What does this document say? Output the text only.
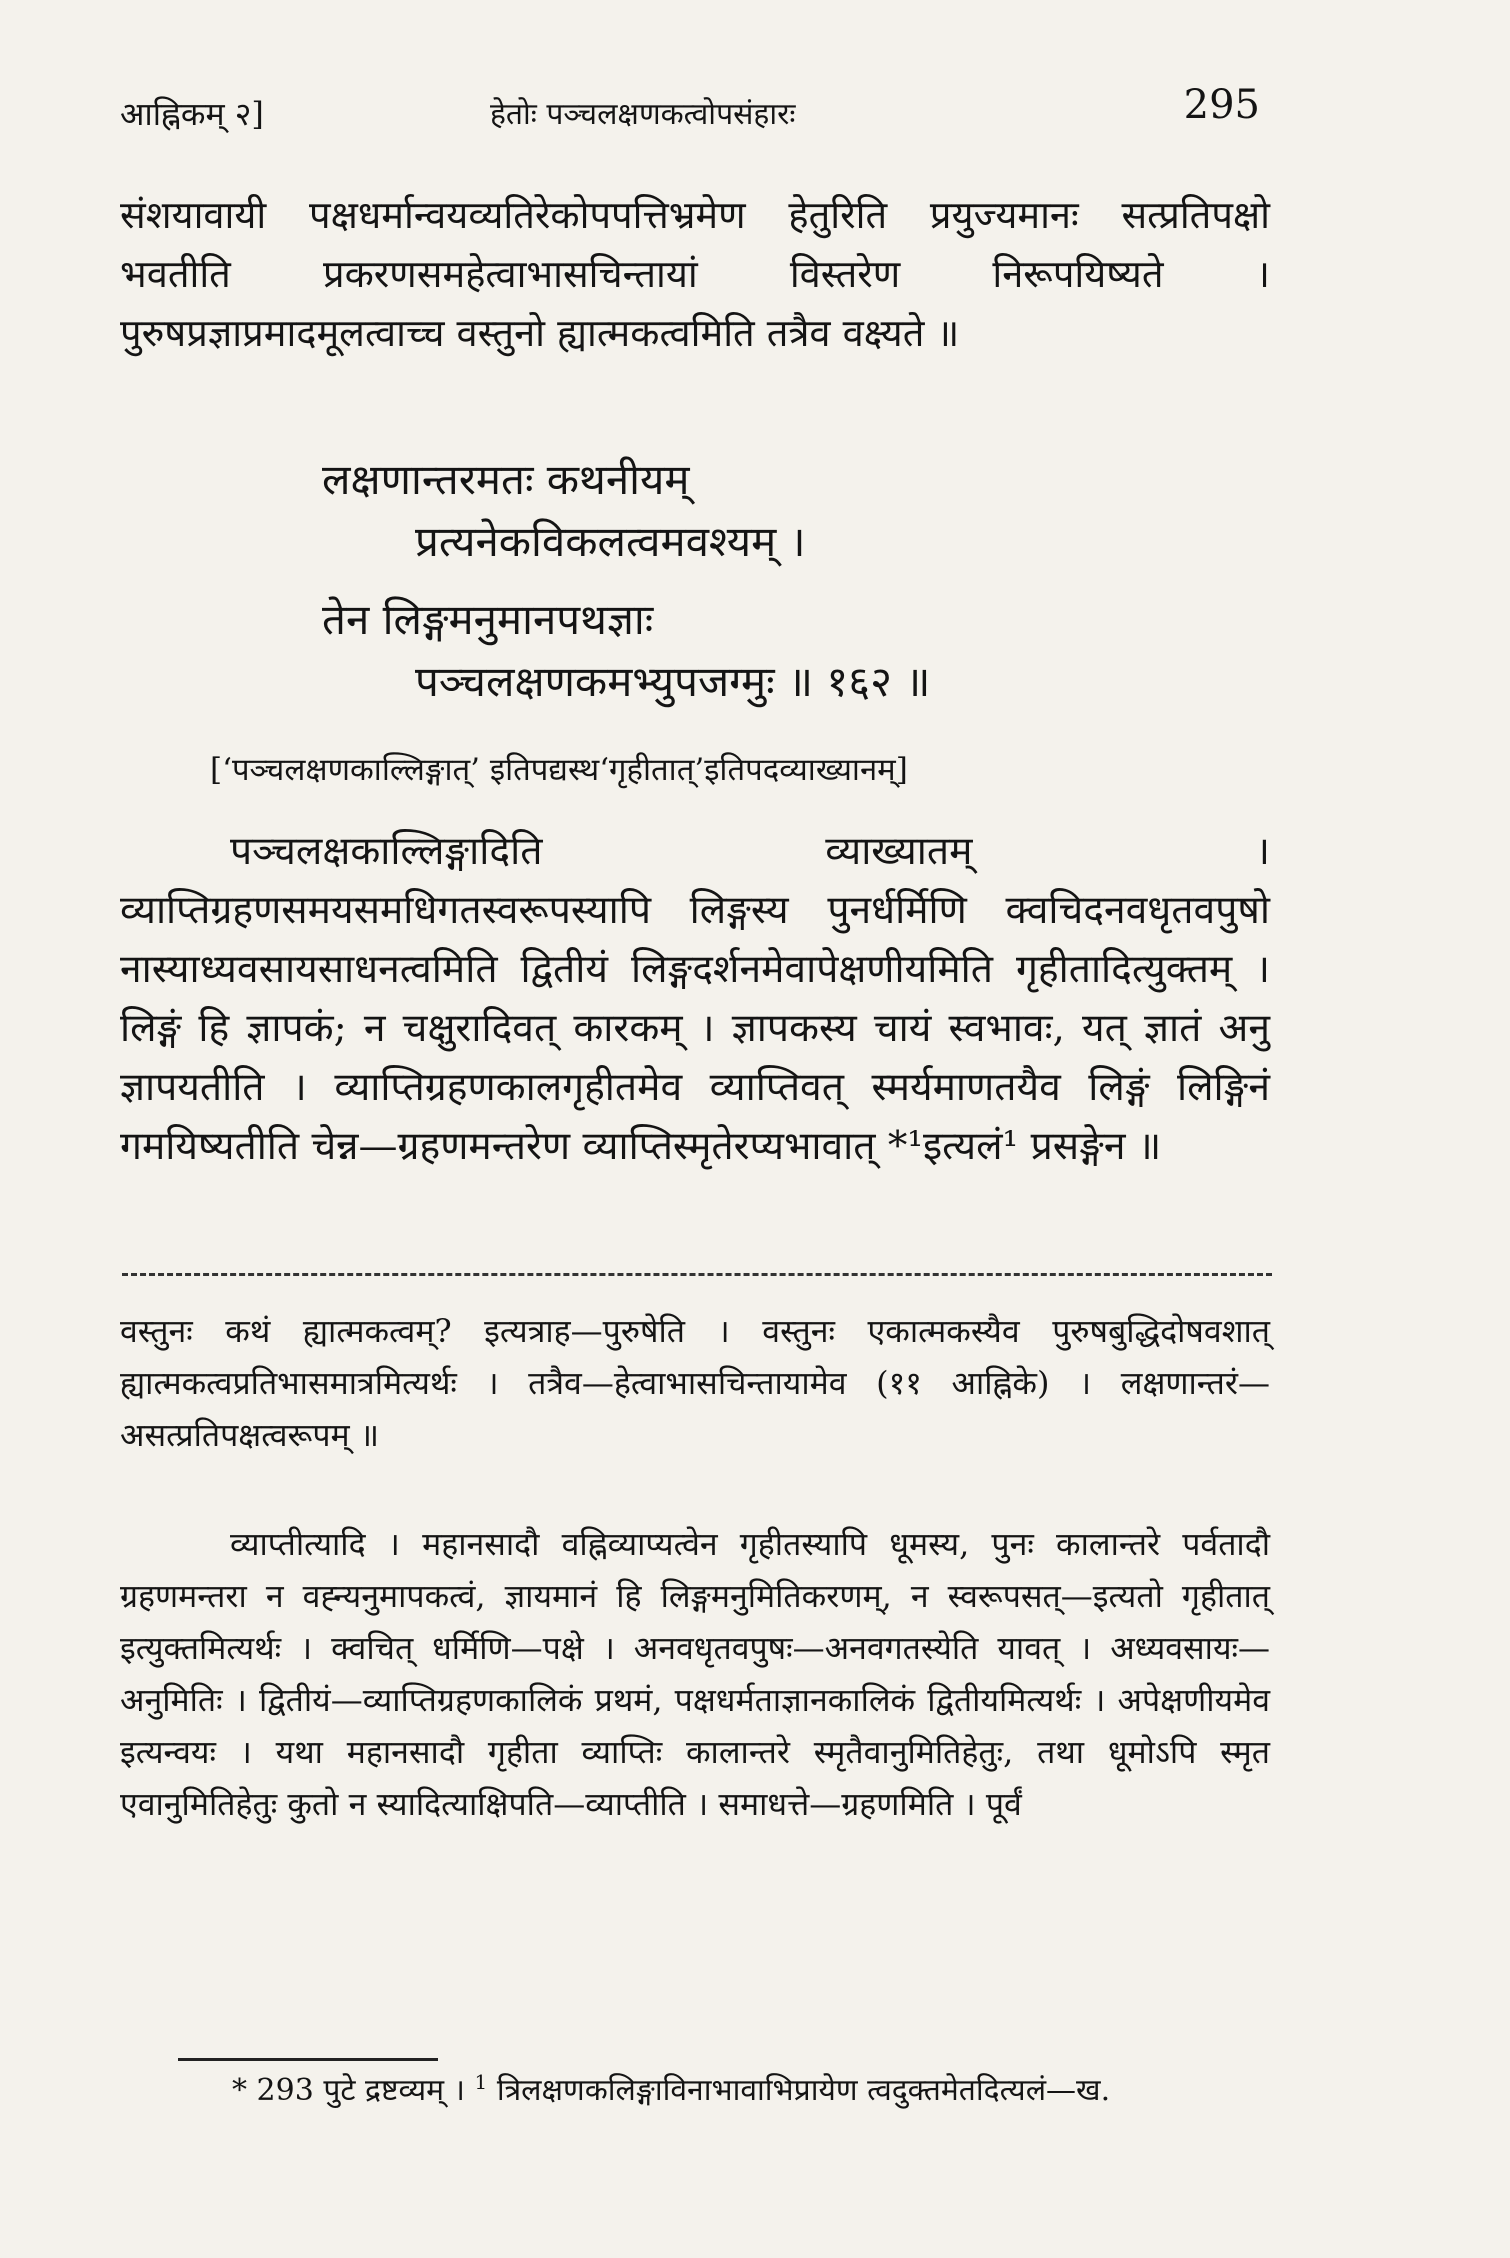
आह्निकम् २]	हेतोः पञ्चलक्षणकत्वोपसंहारः	295

संशयावायी पक्षधर्मान्वयव्यतिरेकोपपत्तिभ्रमेण हेतुरिति प्रयुज्यमानः सत्प्रतिपक्षो भवतीति प्रकरणसमहेत्वाभासचिन्तायां विस्तरेण निरूपयिष्यते । पुरुषप्रज्ञाप्रमादमूलत्वाच्च वस्तुनो ह्यात्मकत्वमिति तत्रैव वक्ष्यते ॥

लक्षणान्तरमतः कथनीयम्
प्रत्यनेकविकलत्वमवश्यम् ।
तेन लिङ्गमनुमानपथज्ञाः
पञ्चलक्षणकमभ्युपजग्मुः ॥ १६२ ॥
[‘पञ्चलक्षणकाल्लिङ्गात्’ इतिपद्यस्थ‘गृहीतात्’इतिपदव्याख्यानम्]

पञ्चलक्षकाल्लिङ्गादिति व्याख्यातम् । व्याप्तिग्रहणसमयसमधिगतस्वरूपस्यापि लिङ्गस्य पुनर्धर्मिणि क्वचिदनवधृतवपुषो नास्याध्यवसायसाधनत्वमिति द्वितीयं लिङ्गदर्शनमेवापेक्षणीयमिति गृहीतादित्युक्तम् । लिङ्गं हि ज्ञापकं; न चक्षुरादिवत् कारकम् । ज्ञापकस्य चायं स्वभावः, यत् ज्ञातं अनु ज्ञापयतीति । व्याप्तिग्रहणकालगृहीतमेव व्याप्तिवत् स्मर्यमाणतयैव लिङ्गं लिङ्गिनं गमयिष्यतीति चेन्न—ग्रहणमन्तरेण व्याप्तिस्मृतेरप्यभावात् *¹इत्यलं¹ प्रसङ्गेन ॥

वस्तुनः कथं ह्यात्मकत्वम्? इत्यत्राह—पुरुषेति । वस्तुनः एकात्मकस्यैव पुरुषबुद्धिदोषवशात् ह्यात्मकत्वप्रतिभासमात्रमित्यर्थः । तत्रैव—हेत्वाभासचिन्तायामेव (११ आह्निके) । लक्षणान्तरं—असत्प्रतिपक्षत्वरूपम् ॥

व्याप्तीत्यादि । महानसादौ वह्निव्याप्यत्वेन गृहीतस्यापि धूमस्य, पुनः कालान्तरे पर्वतादौ ग्रहणमन्तरा न वह्न्यनुमापकत्वं, ज्ञायमानं हि लिङ्गमनुमितिकरणम्, न स्वरूपसत्—इत्यतो गृहीतात् इत्युक्तमित्यर्थः । क्वचित् धर्मिणि—पक्षे । अनवधृतवपुषः—अनवगतस्येति यावत् । अध्यवसायः—अनुमितिः । द्वितीयं—व्याप्तिग्रहणकालिकं प्रथमं, पक्षधर्मताज्ञानकालिकं द्वितीयमित्यर्थः । अपेक्षणीयमेव इत्यन्वयः । यथा महानसादौ गृहीता व्याप्तिः कालान्तरे स्मृतैवानुमितिहेतुः, तथा धूमोऽपि स्मृत एवानुमितिहेतुः कुतो न स्यादित्याक्षिपति—व्याप्तीति । समाधत्ते—ग्रहणमिति । पूर्वं

* 293 पुटे द्रष्टव्यम् । $^1$ त्रिलक्षणकलिङ्गाविनाभावाभिप्रायेण त्वदुक्तमेतदित्यलं—ख.
